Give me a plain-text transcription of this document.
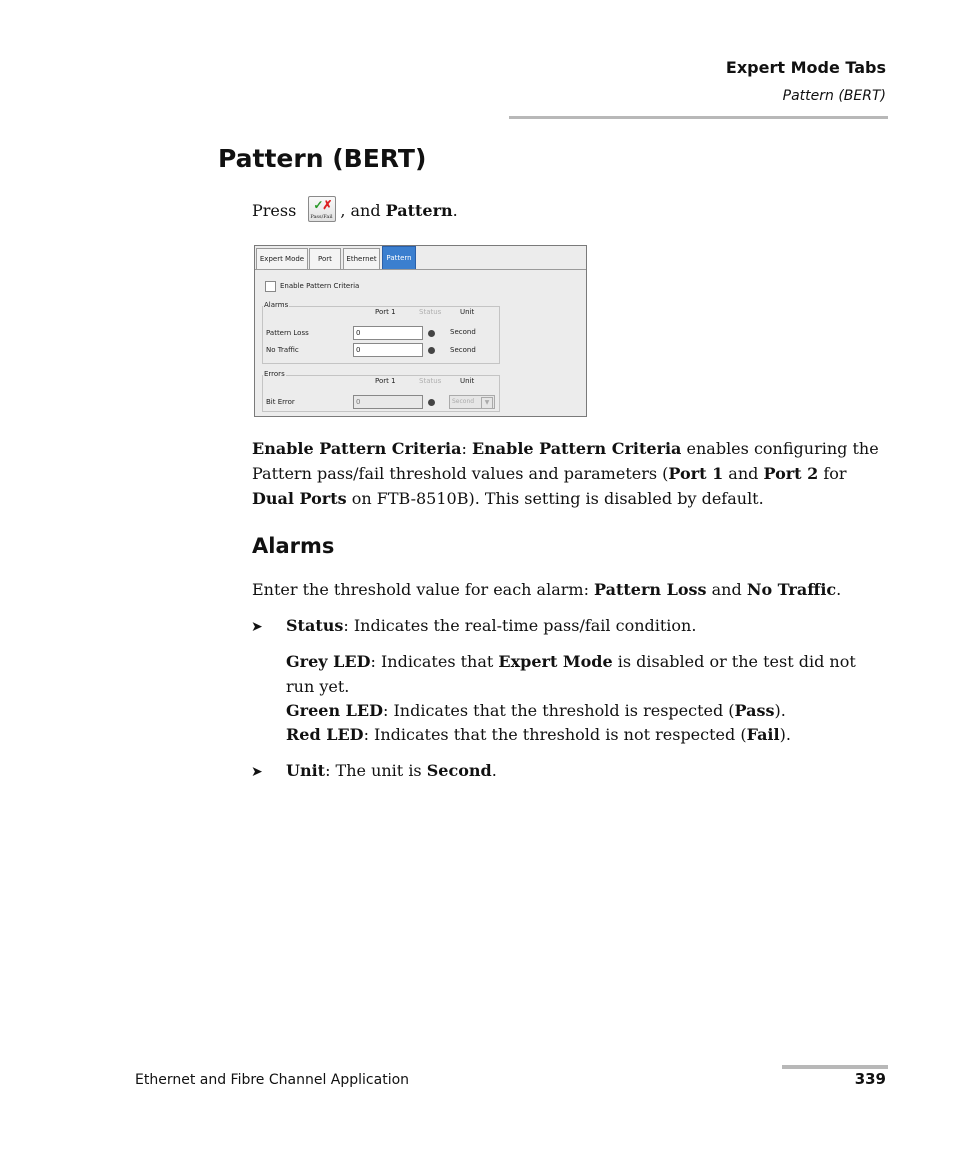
Expert Mode Tabs
Pattern (BERT)
Pattern (BERT)
Press ✓
✗
Pass/Fail , and Pattern.
Expert Mode	Port	Ethernet	Pattern
Enable Pattern Criteria
Alarms
Port 1	Status	Unit
Pattern Loss	0	Second
No Traffic	0	Second
Errors
Port 1	Status	Unit
Bit Error	0	Second	▼
Enable Pattern Criteria: Enable Pattern Criteria enables configuring the Pattern pass/fail threshold values and parameters (Port 1 and Port 2 for Dual Ports on FTB-8510B). This setting is disabled by default.
Alarms
Enter the threshold value for each alarm: Pattern Loss and No Traffic.
➤ Status: Indicates the real-time pass/fail condition.
Grey LED: Indicates that Expert Mode is disabled or the test did not run yet.
Green LED: Indicates that the threshold is respected (Pass).
Red LED: Indicates that the threshold is not respected (Fail).
➤ Unit: The unit is Second.
Ethernet and Fibre Channel Application	339
